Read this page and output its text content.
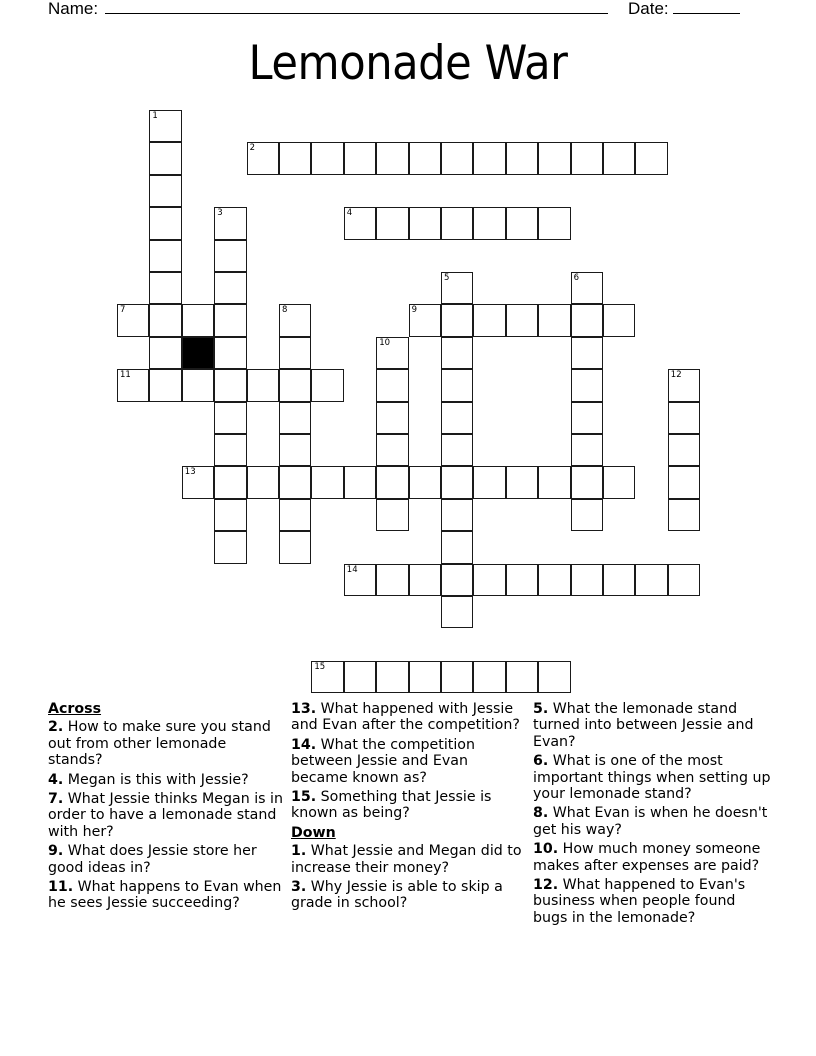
Name:	Date:
Lemonade War
1
2
3	4
5	6
7	8	9
10
11	12
13
14
15
Across
2. How to make sure you stand out from other lemonade stands?
4. Megan is this with Jessie?
7. What Jessie thinks Megan is in order to have a lemonade stand with her?
9. What does Jessie store her good ideas in?
11. What happens to Evan when he sees Jessie succeeding?
13. What happened with Jessie and Evan after the competition?
14. What the competition between Jessie and Evan became known as?
15. Something that Jessie is known as being?
Down
1. What Jessie and Megan did to increase their money?
3. Why Jessie is able to skip a grade in school?
5. What the lemonade stand turned into between Jessie and Evan?
6. What is one of the most important things when setting up your lemonade stand?
8. What Evan is when he doesn't get his way?
10. How much money someone makes after expenses are paid?
12. What happened to Evan's business when people found bugs in the lemonade?
